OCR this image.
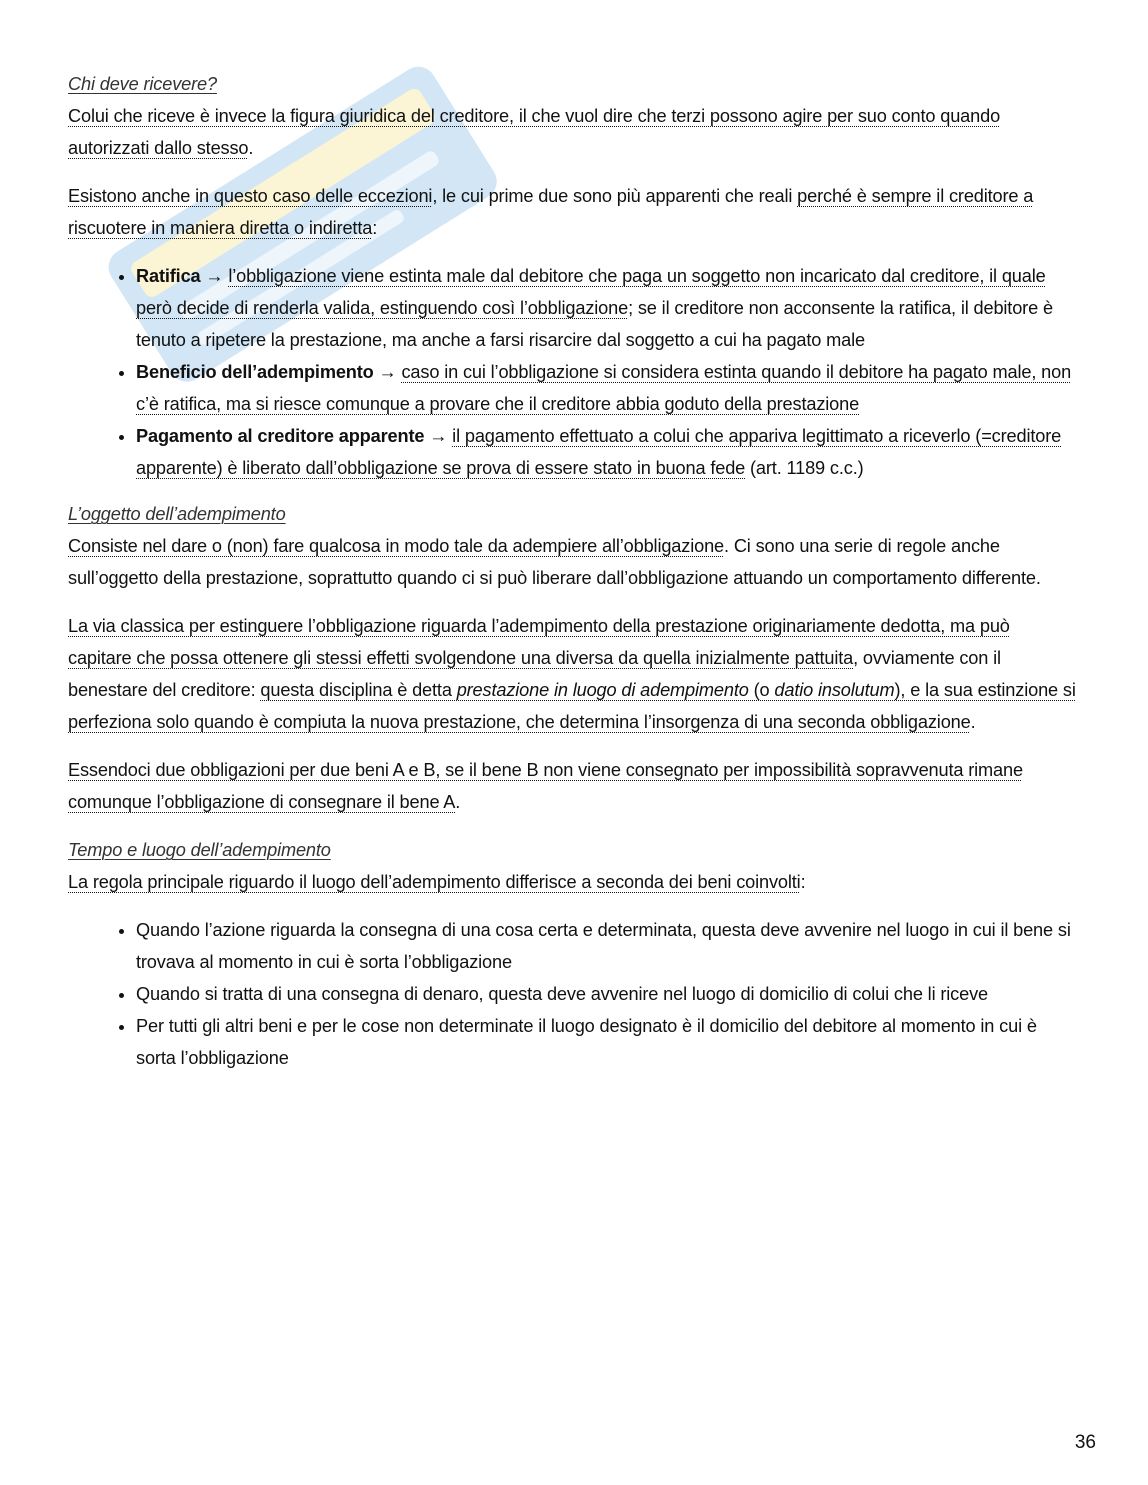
Chi deve ricevere?

Colui che riceve è invece la figura giuridica del creditore, il che vuol dire che terzi possono agire per suo conto quando autorizzati dallo stesso.

Esistono anche in questo caso delle eccezioni, le cui prime due sono più apparenti che reali perché è sempre il creditore a riscuotere in maniera diretta o indiretta:

• Ratifica → l’obbligazione viene estinta male dal debitore che paga un soggetto non incaricato dal creditore, il quale però decide di renderla valida, estinguendo così l’obbligazione; se il creditore non acconsente la ratifica, il debitore è tenuto a ripetere la prestazione, ma anche a farsi risarcire dal soggetto a cui ha pagato male
• Beneficio dell’adempimento → caso in cui l’obbligazione si considera estinta quando il debitore ha pagato male, non c’è ratifica, ma si riesce comunque a provare che il creditore abbia goduto della prestazione
• Pagamento al creditore apparente → il pagamento effettuato a colui che appariva legittimato a riceverlo (=creditore apparente) è liberato dall’obbligazione se prova di essere stato in buona fede (art. 1189 c.c.)

L’oggetto dell’adempimento

Consiste nel dare o (non) fare qualcosa in modo tale da adempiere all’obbligazione. Ci sono una serie di regole anche sull’oggetto della prestazione, soprattutto quando ci si può liberare dall’obbligazione attuando un comportamento differente.

La via classica per estinguere l’obbligazione riguarda l’adempimento della prestazione originariamente dedotta, ma può capitare che possa ottenere gli stessi effetti svolgendone una diversa da quella inizialmente pattuita, ovviamente con il benestare del creditore: questa disciplina è detta prestazione in luogo di adempimento (o datio insolutum), e la sua estinzione si perfeziona solo quando è compiuta la nuova prestazione, che determina l’insorgenza di una seconda obbligazione.

Essendoci due obbligazioni per due beni A e B, se il bene B non viene consegnato per impossibilità sopravvenuta rimane comunque l’obbligazione di consegnare il bene A.

Tempo e luogo dell’adempimento

La regola principale riguardo il luogo dell’adempimento differisce a seconda dei beni coinvolti:

• Quando l’azione riguarda la consegna di una cosa certa e determinata, questa deve avvenire nel luogo in cui il bene si trovava al momento in cui è sorta l’obbligazione
• Quando si tratta di una consegna di denaro, questa deve avvenire nel luogo di domicilio di colui che li riceve
• Per tutti gli altri beni e per le cose non determinate il luogo designato è il domicilio del debitore al momento in cui è sorta l’obbligazione
36
